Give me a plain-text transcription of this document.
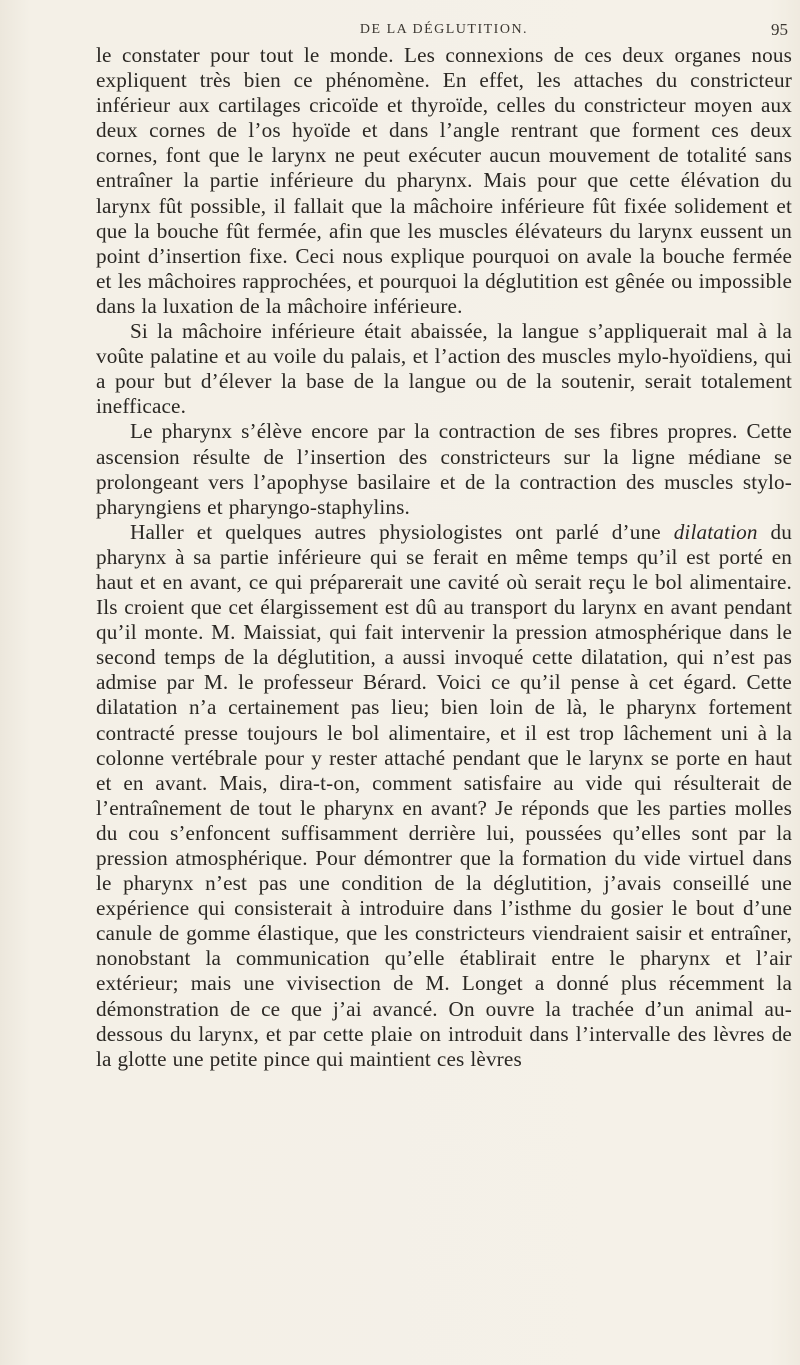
DE LA DÉGLUTITION.	95

le constater pour tout le monde. Les connexions de ces deux organes nous expliquent très bien ce phénomène. En effet, les attaches du constricteur inférieur aux cartilages cricoïde et thyroïde, celles du constricteur moyen aux deux cornes de l’os hyoïde et dans l’angle rentrant que forment ces deux cornes, font que le larynx ne peut exécuter aucun mouvement de totalité sans entraîner la partie inférieure du pharynx. Mais pour que cette élévation du larynx fût possible, il fallait que la mâchoire inférieure fût fixée solidement et que la bouche fût fermée, afin que les muscles élévateurs du larynx eussent un point d’insertion fixe. Ceci nous explique pourquoi on avale la bouche fermée et les mâchoires rapprochées, et pourquoi la déglutition est gênée ou impossible dans la luxation de la mâchoire inférieure.

Si la mâchoire inférieure était abaissée, la langue s’appliquerait mal à la voûte palatine et au voile du palais, et l’action des muscles mylo-hyoïdiens, qui a pour but d’élever la base de la langue ou de la soutenir, serait totalement inefficace.

Le pharynx s’élève encore par la contraction de ses fibres propres. Cette ascension résulte de l’insertion des constricteurs sur la ligne médiane se prolongeant vers l’apophyse basilaire et de la contraction des muscles stylo-pharyngiens et pharyngo-staphylins.

Haller et quelques autres physiologistes ont parlé d’une dilatation du pharynx à sa partie inférieure qui se ferait en même temps qu’il est porté en haut et en avant, ce qui préparerait une cavité où serait reçu le bol alimentaire. Ils croient que cet élargissement est dû au transport du larynx en avant pendant qu’il monte. M. Maissiat, qui fait intervenir la pression atmosphérique dans le second temps de la déglutition, a aussi invoqué cette dilatation, qui n’est pas admise par M. le professeur Bérard. Voici ce qu’il pense à cet égard. Cette dilatation n’a certainement pas lieu; bien loin de là, le pharynx fortement contracté presse toujours le bol alimentaire, et il est trop lâchement uni à la colonne vertébrale pour y rester attaché pendant que le larynx se porte en haut et en avant. Mais, dira-t-on, comment satisfaire au vide qui résulterait de l’entraînement de tout le pharynx en avant? Je réponds que les parties molles du cou s’enfoncent suffisamment derrière lui, poussées qu’elles sont par la pression atmosphérique. Pour démontrer que la formation du vide virtuel dans le pharynx n’est pas une condition de la déglutition, j’avais conseillé une expérience qui consisterait à introduire dans l’isthme du gosier le bout d’une canule de gomme élastique, que les constricteurs viendraient saisir et entraîner, nonobstant la communication qu’elle établirait entre le pharynx et l’air extérieur; mais une vivisection de M. Longet a donné plus récemment la démonstration de ce que j’ai avancé. On ouvre la trachée d’un animal au-dessous du larynx, et par cette plaie on introduit dans l’intervalle des lèvres de la glotte une petite pince qui maintient ces lèvres
